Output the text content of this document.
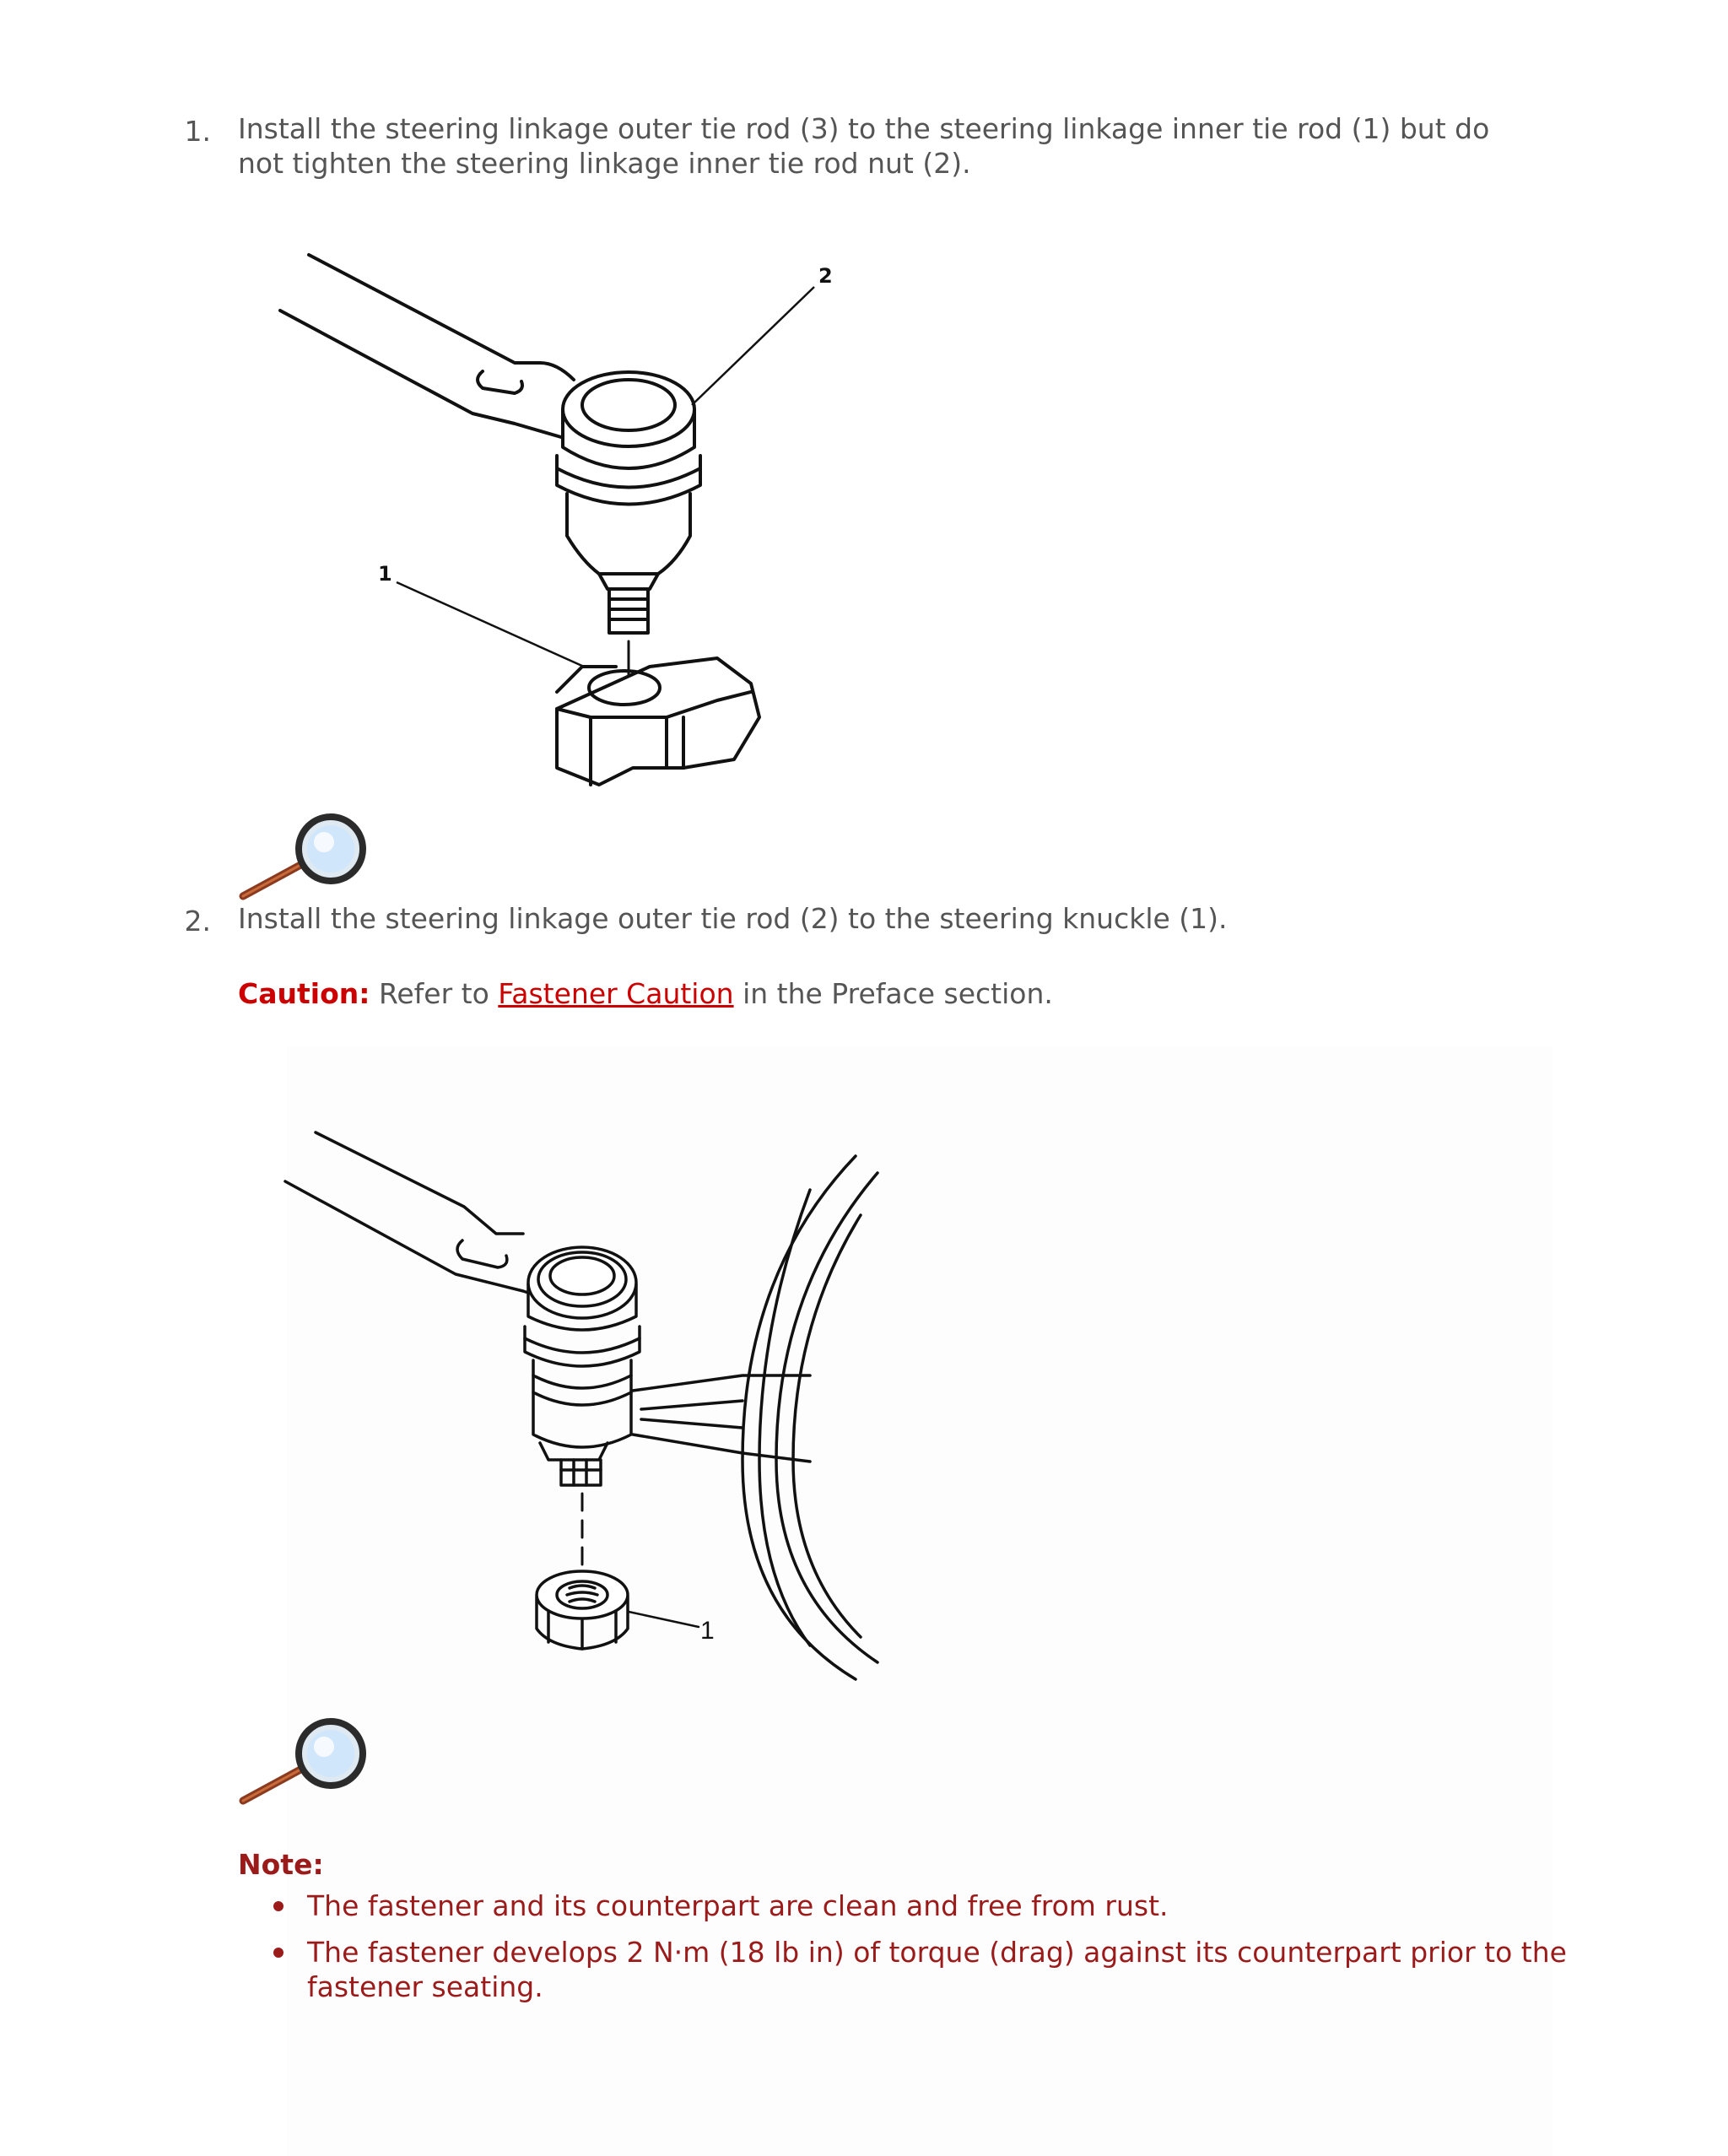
1. Install the steering linkage outer tie rod (3) to the steering linkage inner tie rod (1) but do
not tighten the steering linkage inner tie rod nut (2).
2
1
2. Install the steering linkage outer tie rod (2) to the steering knuckle (1).
Caution: Refer to Fastener Caution in the Preface section.
1
Note:
The fastener and its counterpart are clean and free from rust.
The fastener develops 2 N·m (18 lb in) of torque (drag) against its counterpart prior to the fastener seating.
